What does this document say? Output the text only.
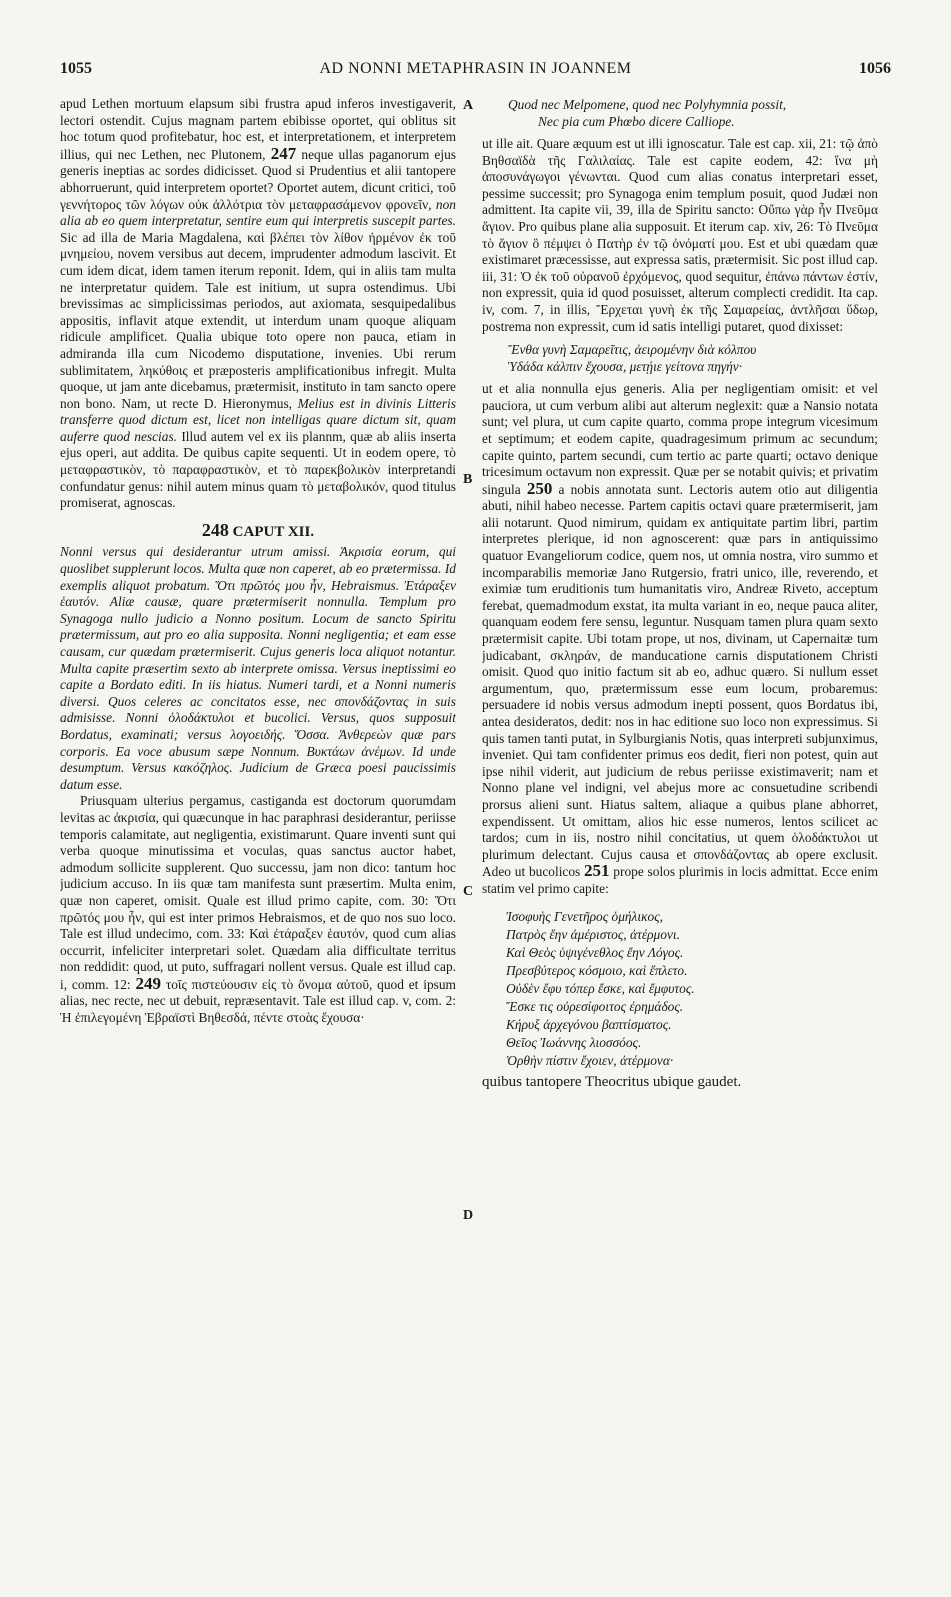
1055	AD NONNI METAPHRASIN IN JOANNEM	1056
A
B
C
D

apud Lethen mortuum elapsum sibi frustra apud inferos investigaverit, lectori ostendit. Cujus magnam partem ebibisse oportet, qui oblitus sit hoc totum quod profitebatur, hoc est, et interpretationem, et interpretem illius, qui nec Lethen, nec Plutonem, 247 neque ullas paganorum ejus generis ineptias ac sordes didicisset. Quod si Prudentius et alii tantopere abhorruerunt, quid interpretem oportet? Oportet autem, dicunt critici, τοῦ γεννήτορος τῶν λόγων οὐκ ἀλλότρια τὸν μεταφρασάμενον φρονεῖν, non alia ab eo quem interpretatur, sentire eum qui interpretis suscepit partes. Sic ad illa de Maria Magdalena, καὶ βλέπει τὸν λίθον ἠρμένον ἐκ τοῦ μνημείου, novem versibus aut decem, imprudenter admodum lascivit. Et cum idem dicat, idem tamen iterum reponit. Idem, qui in aliis tam multa ne interpretatur quidem. Tale est initium, ut supra ostendimus. Ubi brevissimas ac simplicissimas periodos, aut axiomata, sesquipedalibus appositis, inflavit atque extendit, ut interdum unam quoque aliquam ridicule amplificet. Qualia ubique toto opere non pauca, etiam in admiranda illa cum Nicodemo disputatione, invenies. Ubi rerum sublimitatem, ληκύθοις et præposteris amplificationibus infregit. Multa quoque, ut jam ante dicebamus, prætermisit, instituto in tam sancto opere non bono. Nam, ut recte D. Hieronymus, Melius est in divinis Litteris transferre quod dictum est, licet non intelligas quare dictum sit, quam auferre quod nescias. Illud autem vel ex iis plannm, quæ ab aliis inserta ejus operi, aut addita. De quibus capite sequenti. Ut in eodem opere, τὸ μεταφραστικὸν, τὸ παραφραστικὸν, et τὸ παρεκβολικὸν interpretandi confundatur genus: nihil autem minus quam τὸ μεταβολικόν, quod titulus promiserat, agnoscas.

248 CAPUT XII.

Nonni versus qui desiderantur utrum amissi. Ἀκρισία eorum, qui quoslibet supplerunt locos. Multa quæ non caperet, ab eo prætermissa. Id exemplis aliquot probatum. Ὅτι πρῶτός μου ἦν, Hebraismus. Ἐτάραξεν ἑαυτόν. Aliæ causæ, quare prætermiserit nonnulla. Templum pro Synagoga nullo judicio a Nonno positum. Locum de sancto Spiritu prætermissum, aut pro eo alia supposita. Nonni negligentia; et eam esse causam, cur quædam prætermiserit. Cujus generis loca aliquot notantur. Multa capite præsertim sexto ab interprete omissa. Versus ineptissimi eo capite a Bordato editi. In iis hiatus. Numeri tardi, et a Nonni numeris diversi. Quos celeres ac concitatos esse, nec σπονδάζοντας in suis admisisse. Nonni ὁλοδάκτυλοι et bucolici. Versus, quos supposuit Bordatus, examinati; versus λογοειδής. Ὅσσα. Ἀνθερεὼν quæ pars corporis. Ea voce abusum sæpe Nonnum. Βυκτάων ἀνέμων. Id unde desumptum. Versus κακόζηλος. Judicium de Græca poesi paucissimis datum esse.

Priusquam ulterius pergamus, castiganda est doctorum quorumdam levitas ac ἀκρισία, qui quæcunque in hac paraphrasi desiderantur, periisse temporis calamitate, aut negligentia, existimarunt. Quare inventi sunt qui verba quoque minutissima et voculas, quas sanctus auctor habet, admodum sollicite supplerent. Quo successu, jam non dico: tantum hoc judicium accuso. In iis quæ tam manifesta sunt præsertim. Multa enim, quæ non caperet, omisit. Quale est illud primo capite, com. 30: Ὅτι πρῶτός μου ἦν, qui est inter primos Hebraismos, et de quo nos suo loco. Tale est illud undecimo, com. 33: Καὶ ἐτάραξεν ἑαυτόν, quod cum alias occurrit, infeliciter interpretari solet. Quædam alia difficultate territus non reddidit: quod, ut puto, suffragari nollent versus. Quale est illud cap. i, comm. 12: 249 τοῖς πιστεύουσιν εἰς τὸ ὄνομα αὐτοῦ, quod et ipsum alias, nec recte, nec ut debuit, repræsentavit. Tale est illud cap. v, com. 2: Ἡ ἐπιλεγομένη Ἑβραϊστὶ Βηθεσδά, πέντε στοὰς ἔχουσα·

Quod nec Melpomene, quod nec Polyhymnia possit,
Nec pia cum Phœbo dicere Calliope.

ut ille ait. Quare æquum est ut illi ignoscatur. Tale est cap. xii, 21: τῷ ἀπὸ Βηθσαϊδὰ τῆς Γαλιλαίας. Tale est capite eodem, 42: ἵνα μὴ ἀποσυνάγωγοι γένωνται. Quod cum alias conatus interpretari esset, pessime successit; pro Synagoga enim templum posuit, quod Judæi non admittent. Ita capite vii, 39, illa de Spiritu sancto: Οὔπω γὰρ ἦν Πνεῦμα ἅγιον. Pro quibus plane alia supposuit. Et iterum cap. xiv, 26: Τὸ Πνεῦμα τὸ ἅγιον ὃ πέμψει ὁ Πατὴρ ἐν τῷ ὀνόματί μου. Est et ubi quædam quæ existimaret præcessisse, aut expressa satis, prætermisit. Sic post illud cap. iii, 31: Ὁ ἐκ τοῦ οὐρανοῦ ἐρχόμενος, quod sequitur, ἐπάνω πάντων ἐστίν, non expressit, quia id quod posuisset, alterum complecti credidit. Ita cap. iv, com. 7, in illis, Ἔρχεται γυνὴ ἐκ τῆς Σαμαρείας, ἀντλῆσαι ὕδωρ, postrema non expressit, cum id satis intelligi putaret, quod dixisset:

Ἔνθα γυνὴ Σαμαρεῖτις, ἀειρομένην διὰ κόλπου
Ὑδάδα κάλπιν ἔχουσα, μετῄιε γείτονα πηγήν·

ut et alia nonnulla ejus generis. Alia per negligentiam omisit: et vel pauciora, ut cum verbum alibi aut alterum neglexit: quæ a Nansio notata sunt; vel plura, ut cum capite quarto, comma prope integrum vicesimum et septimum; et eodem capite, quadragesimum primum ac secundum; capite quinto, partem secundi, cum tertio ac parte quarti; octavo denique tricesimum octavum non expressit. Quæ per se notabit quivis; et privatim singula 250 a nobis annotata sunt. Lectoris autem otio aut diligentia abuti, nihil habeo necesse. Partem capitis octavi quare prætermiserit, jam alii notarunt. Quod nimirum, quidam ex antiquitate partim libri, partim interpretes plerique, id non agnoscerent: quæ pars in antiquissimo quatuor Evangeliorum codice, quem nos, ut omnia nostra, viro summo et incomparabilis memoriæ Jano Rutgersio, fratri unico, ille, reverendo, et eximiæ tum eruditionis tum humanitatis viro, Andreæ Riveto, acceptum ferebat, quemadmodum exstat, ita multa variant in eo, neque pauca aliter, quanquam eodem fere sensu, leguntur. Nusquam tamen plura quam sexto prætermisit capite. Ubi totam prope, ut nos, divinam, ut Capernaitæ tum judicabant, σκληράν, de manducatione carnis disputationem Christi omisit. Quod quo initio factum sit ab eo, adhuc quæro. Si nullum esset argumentum, quo, prætermissum esse eum locum, probaremus: persuadere id nobis versus admodum inepti possent, quos Bordatus ibi, antea desideratos, dedit: nos in hac editione suo loco non expressimus. Si quis tamen tanti putat, in Sylburgianis Notis, quas interpreti subjunximus, inveniet. Qui tam confidenter primus eos dedit, fieri non potest, quin aut ipse nihil viderit, aut judicium de rebus periisse existimaverit; nam et Nonno plane vel indigni, vel abejus more ac consuetudine scribendi prorsus alieni sunt. Hiatus saltem, aliaque a quibus plane abhorret, expendissent. Ut omittam, alios hic esse numeros, lentos scilicet ac tardos; cum in iis, nostro nihil concitatius, ut quem ὁλοδάκτυλοι ut plurimum delectant. Cujus causa et σπονδάζοντας ab opere exclusit. Adeo ut bucolicos 251 prope solos plurimis in locis admittat. Ecce enim statim vel primo capite:

Ἰσοφυὴς Γενετῆρος ὁμήλικος,
Πατρὸς ἔην ἀμέριστος, ἀτέρμονι.
Καὶ Θεὸς ὑψιγένεθλος ἔην Λόγος.
Πρεσβύτερος κόσμοιο, καὶ ἔπλετο.
Οὐδὲν ἔφυ τόπερ ἔσκε, καὶ ἔμφυτος.
Ἔσκε τις οὐρεσίφοιτος ἐρημάδος.
Κήρυξ ἀρχεγόνου βαπτίσματος.
Θεῖος Ἰωάννης λιοσσόος.
Ὀρθὴν πίστιν ἔχοιεν, ἀτέρμονα·

quibus tantopere Theocritus ubique gaudet.
